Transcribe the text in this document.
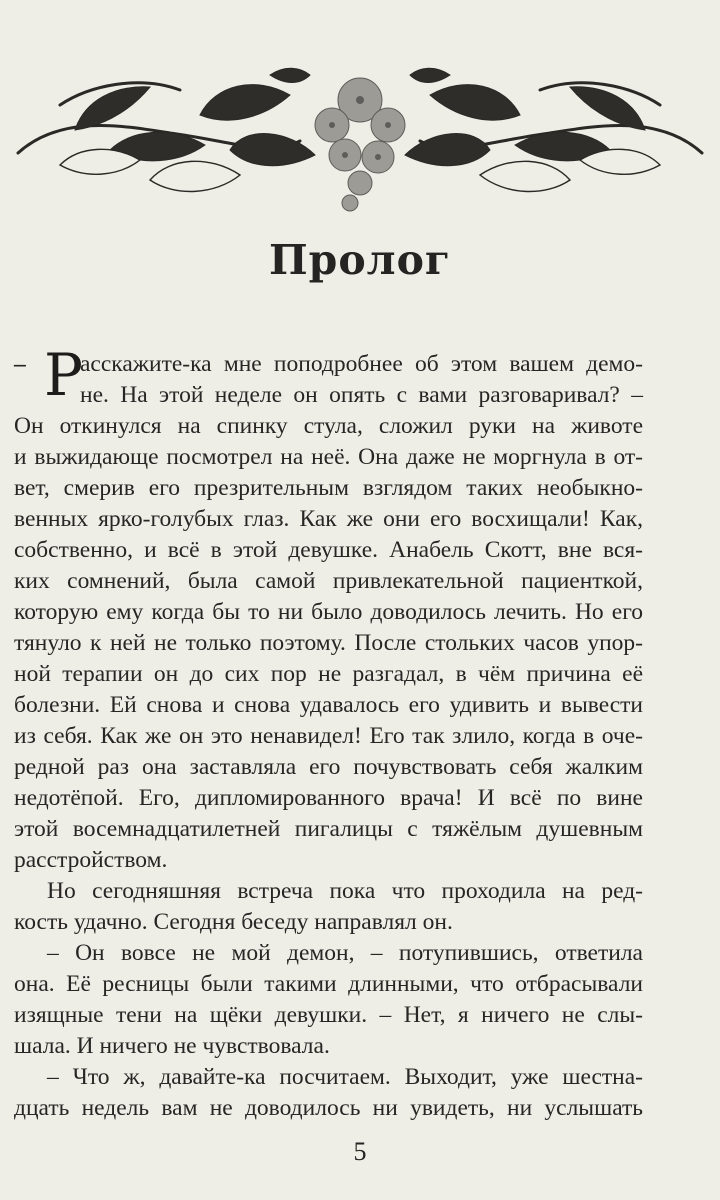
Пролог
– Р
асскажите-ка мне поподробнее об этом вашем демо-
не. На этой неделе он опять с вами разговаривал? –
Он откинулся на спинку стула, сложил руки на животе
и выжидающе посмотрел на неё. Она даже не моргнула в от-
вет, смерив его презрительным взглядом таких необыкно-
венных ярко-голубых глаз. Как же они его восхищали! Как,
собственно, и всё в этой девушке. Анабель Скотт, вне вся-
ких сомнений, была самой привлекательной пациенткой,
которую ему когда бы то ни было доводилось лечить. Но его
тянуло к ней не только поэтому. После стольких часов упор-
ной терапии он до сих пор не разгадал, в чём причина её
болезни. Ей снова и снова удавалось его удивить и вывести
из себя. Как же он это ненавидел! Его так злило, когда в оче-
редной раз она заставляла его почувствовать себя жалким
недотёпой. Его, дипломированного врача! И всё по вине
этой восемнадцатилетней пигалицы с тяжёлым душевным
расстройством.
Но сегодняшняя встреча пока что проходила на ред-
кость удачно. Сегодня беседу направлял он.
– Он вовсе не мой демон, – потупившись, ответила
она. Её ресницы были такими длинными, что отбрасывали
изящные тени на щёки девушки. – Нет, я ничего не слы-
шала. И ничего не чувствовала.
– Что ж, давайте-ка посчитаем. Выходит, уже шестна-
дцать недель вам не доводилось ни увидеть, ни услышать
5
